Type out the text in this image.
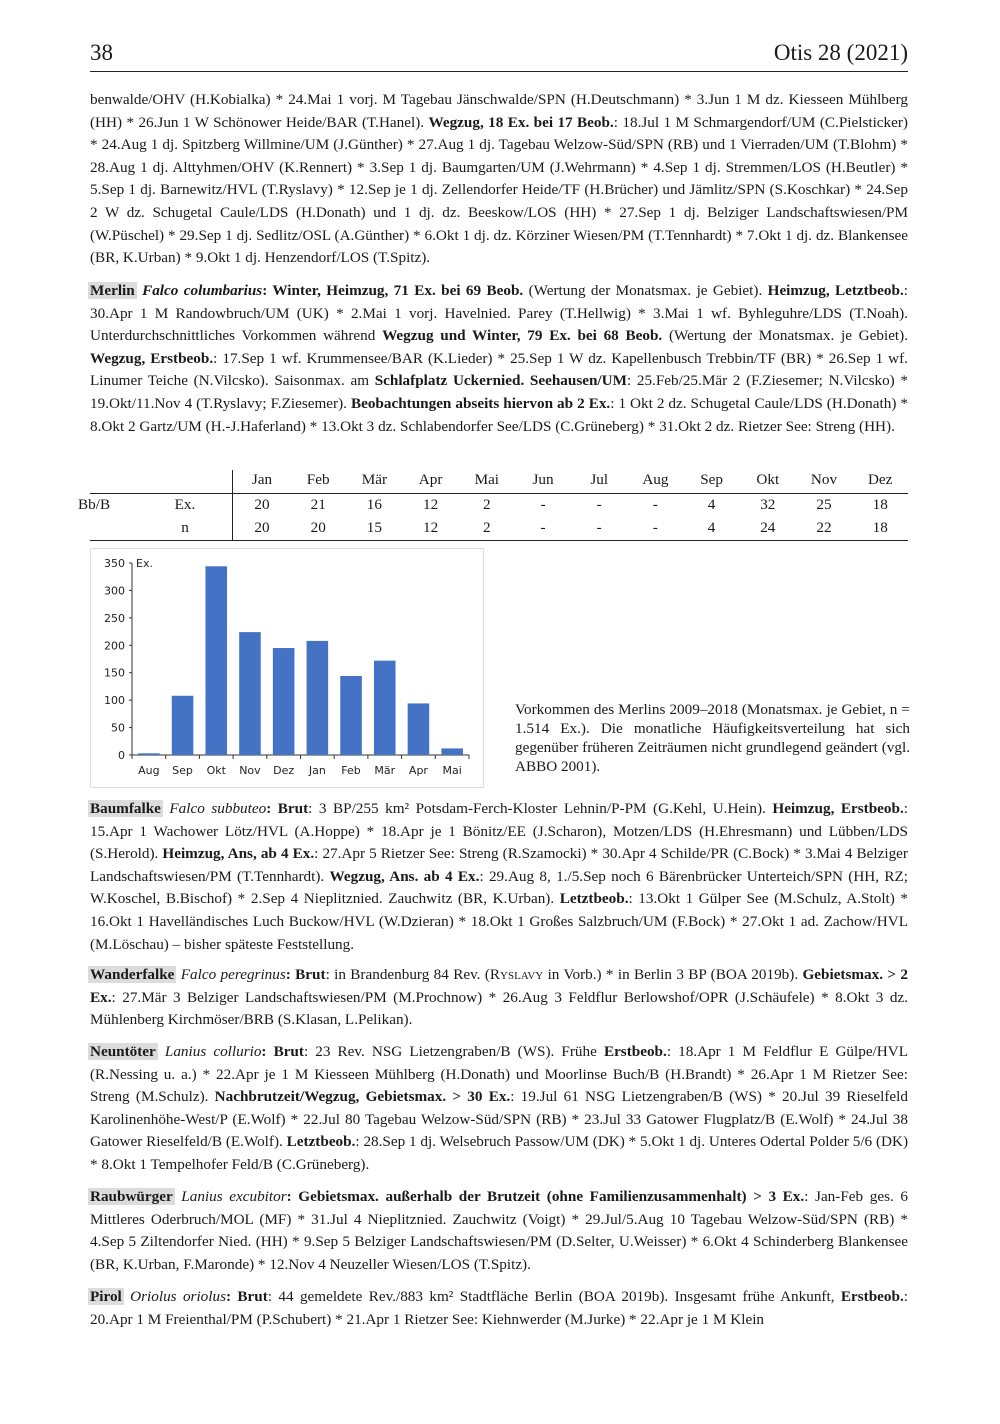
38	Otis 28 (2021)
benwalde/OHV (H.Kobialka) * 24.Mai 1 vorj. M Tagebau Jänschwalde/SPN (H.Deutschmann) * 3.Jun 1 M dz. Kiesseen Mühlberg (HH) * 26.Jun 1 W Schönower Heide/BAR (T.Hanel). Wegzug, 18 Ex. bei 17 Beob.: 18.Jul 1 M Schmargendorf/UM (C.Pielsticker) * 24.Aug 1 dj. Spitzberg Willmine/UM (J.Günther) * 27.Aug 1 dj. Tagebau Welzow-Süd/SPN (RB) und 1 Vierraden/UM (T.Blohm) * 28.Aug 1 dj. Alttyhmen/OHV (K.Rennert) * 3.Sep 1 dj. Baumgarten/UM (J.Wehrmann) * 4.Sep 1 dj. Stremmen/LOS (H.Beutler) * 5.Sep 1 dj. Barnewitz/HVL (T.Ryslavy) * 12.Sep je 1 dj. Zellendorfer Heide/TF (H.Brücher) und Jämlitz/SPN (S.Koschkar) * 24.Sep 2 W dz. Schugetal Caule/LDS (H.Donath) und 1 dj. dz. Beeskow/LOS (HH) * 27.Sep 1 dj. Belziger Landschaftswiesen/PM (W.Püschel) * 29.Sep 1 dj. Sedlitz/OSL (A.Günther) * 6.Okt 1 dj. dz. Körziner Wiesen/PM (T.Tennhardt) * 7.Okt 1 dj. dz. Blankensee (BR, K.Urban) * 9.Okt 1 dj. Henzendorf/LOS (T.Spitz).
Merlin Falco columbarius: Winter, Heimzug, 71 Ex. bei 69 Beob. (Wertung der Monatsmax. je Gebiet). Heimzug, Letztbeob.: 30.Apr 1 M Randowbruch/UM (UK) * 2.Mai 1 vorj. Havelnied. Parey (T.Hellwig) * 3.Mai 1 wf. Byhleguhre/LDS (T.Noah). Unterdurchschnittliches Vorkommen während Wegzug und Winter, 79 Ex. bei 68 Beob. (Wertung der Monatsmax. je Gebiet). Wegzug, Erstbeob.: 17.Sep 1 wf. Krummensee/BAR (K.Lieder) * 25.Sep 1 W dz. Kapellenbusch Trebbin/TF (BR) * 26.Sep 1 wf. Linumer Teiche (N.Vilcsko). Saisonmax. am Schlafplatz Uckernied. Seehausen/UM: 25.Feb/25.Mär 2 (F.Ziesemer; N.Vilcsko) * 19.Okt/11.Nov 4 (T.Ryslavy; F.Ziesemer). Beobachtungen abseits hiervon ab 2 Ex.: 1 Okt 2 dz. Schugetal Caule/LDS (H.Donath) * 8.Okt 2 Gartz/UM (H.-J.Haferland) * 13.Okt 3 dz. Schlabendorfer See/LDS (C.Grüneberg) * 31.Okt 2 dz. Rietzer See: Streng (HH).
Jan	Feb	Mär	Apr	Mai	Jun	Jul	Aug	Sep	Okt	Nov	Dez
Bb/B	Ex.	20	21	16	12	2	-	-	-	4	32	25	18
n	20	20	15	12	2	-	-	-	4	24	22	18
0
50
100
150
200
250
300
350 Ex.
Aug Sep Okt Nov Dez Jan Feb Mär Apr Mai
Vorkommen des Merlins 2009–2018 (Monatsmax. je Gebiet, n = 1.514 Ex.). Die monatliche Häufigkeitsverteilung hat sich gegenüber früheren Zeiträumen nicht grundlegend geändert (vgl. ABBO 2001).
Baumfalke Falco subbuteo: Brut: 3 BP/255 km² Potsdam-Ferch-Kloster Lehnin/P-PM (G.Kehl, U.Hein). Heimzug, Erstbeob.: 15.Apr 1 Wachower Lötz/HVL (A.Hoppe) * 18.Apr je 1 Bönitz/EE (J.Scharon), Motzen/LDS (H.Ehresmann) und Lübben/LDS (S.Herold). Heimzug, Ans, ab 4 Ex.: 27.Apr 5 Rietzer See: Streng (R.Szamocki) * 30.Apr 4 Schilde/PR (C.Bock) * 3.Mai 4 Belziger Landschaftswiesen/PM (T.Tennhardt). Wegzug, Ans. ab 4 Ex.: 29.Aug 8, 1./5.Sep noch 6 Bärenbrücker Unterteich/SPN (HH, RZ; W.Koschel, B.Bischof) * 2.Sep 4 Nieplitznied. Zauchwitz (BR, K.Urban). Letztbeob.: 13.Okt 1 Gülper See (M.Schulz, A.Stolt) * 16.Okt 1 Havelländisches Luch Buckow/HVL (W.Dzieran) * 18.Okt 1 Großes Salzbruch/UM (F.Bock) * 27.Okt 1 ad. Zachow/HVL (M.Löschau) – bisher späteste Feststellung.
Wanderfalke Falco peregrinus: Brut: in Brandenburg 84 Rev. (Ryslavy in Vorb.) * in Berlin 3 BP (BOA 2019b). Gebietsmax. > 2 Ex.: 27.Mär 3 Belziger Landschaftswiesen/PM (M.Prochnow) * 26.Aug 3 Feldflur Berlowshof/OPR (J.Schäufele) * 8.Okt 3 dz. Mühlenberg Kirchmöser/BRB (S.Klasan, L.Pelikan).
Neuntöter Lanius collurio: Brut: 23 Rev. NSG Lietzengraben/B (WS). Frühe Erstbeob.: 18.Apr 1 M Feldflur E Gülpe/HVL (R.Nessing u. a.) * 22.Apr je 1 M Kiesseen Mühlberg (H.Donath) und Moorlinse Buch/B (H.Brandt) * 26.Apr 1 M Rietzer See: Streng (M.Schulz). Nachbrutzeit/Wegzug, Gebietsmax. > 30 Ex.: 19.Jul 61 NSG Lietzengraben/B (WS) * 20.Jul 39 Rieselfeld Karolinenhöhe-West/P (E.Wolf) * 22.Jul 80 Tagebau Welzow-Süd/SPN (RB) * 23.Jul 33 Gatower Flugplatz/B (E.Wolf) * 24.Jul 38 Gatower Rieselfeld/B (E.Wolf). Letztbeob.: 28.Sep 1 dj. Welsebruch Passow/UM (DK) * 5.Okt 1 dj. Unteres Odertal Polder 5/6 (DK) * 8.Okt 1 Tempelhofer Feld/B (C.Grüneberg).
Raubwürger Lanius excubitor: Gebietsmax. außerhalb der Brutzeit (ohne Familienzusammenhalt) > 3 Ex.: Jan-Feb ges. 6 Mittleres Oderbruch/MOL (MF) * 31.Jul 4 Nieplitznied. Zauchwitz (Voigt) * 29.Jul/5.Aug 10 Tagebau Welzow-Süd/SPN (RB) * 4.Sep 5 Ziltendorfer Nied. (HH) * 9.Sep 5 Belziger Landschaftswiesen/PM (D.Selter, U.Weisser) * 6.Okt 4 Schinderberg Blankensee (BR, K.Urban, F.Maronde) * 12.Nov 4 Neuzeller Wiesen/LOS (T.Spitz).
Pirol Oriolus oriolus: Brut: 44 gemeldete Rev./883 km² Stadtfläche Berlin (BOA 2019b). Insgesamt frühe Ankunft, Erstbeob.: 20.Apr 1 M Freienthal/PM (P.Schubert) * 21.Apr 1 Rietzer See: Kiehnwerder (M.Jurke) * 22.Apr je 1 M Klein
